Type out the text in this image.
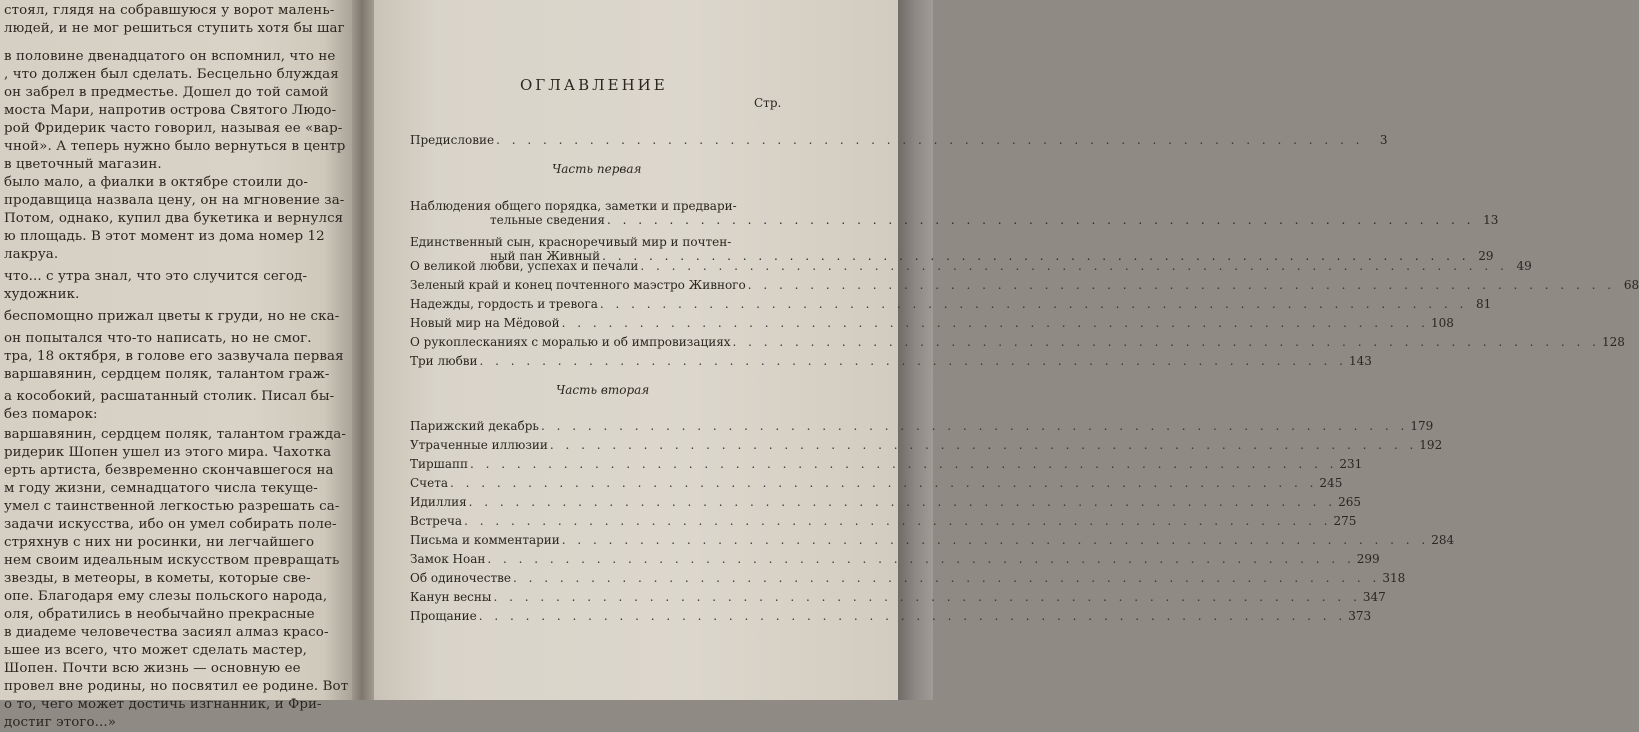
стоял, глядя на собравшуюся у ворот малень-
людей, и не мог решиться ступить хотя бы шаг
в половине двенадцатого он вспомнил, что не
, что должен был сделать. Бесцельно блуждая
он забрел в предместье. Дошел до той самой
моста Мари, напротив острова Святого Людо-
рой Фридерик часто говорил, называя ее «вар-
чной». А теперь нужно было вернуться в центр
в цветочный магазин.
было мало, а фиалки в октябре стоили до-
продавщица назвала цену, он на мгновение за-
Потом, однако, купил два букетика и вернулся
ю площадь. В этот момент из дома номер 12
лакруа.
что... с утра знал, что это случится сегод-
художник.
беспомощно прижал цветы к груди, но не ска-
он попытался что-то написать, но не смог.
тра, 18 октября, в голове его зазвучала первая
варшавянин, сердцем поляк, талантом граж-
а кособокий, расшатанный столик. Писал бы-
без помарок:
варшавянин, сердцем поляк, талантом гражда-
ридерик Шопен ушел из этого мира. Чахотка
ерть артиста, безвременно скончавшегося на
м году жизни, семнадцатого числа текуще-
умел с таинственной легкостью разрешать са-
задачи искусства, ибо он умел собирать поле-
стряхнув с них ни росинки, ни легчайшего
нем своим идеальным искусством превращать
звезды, в метеоры, в кометы, которые све-
опе. Благодаря ему слезы польского народа,
оля, обратились в необычайно прекрасные
в диадеме человечества засиял алмаз красо-
ьшее из всего, что может сделать мастер,
Шопен. Почти всю жизнь — основную ее
провел вне родины, но посвятил ее родине. Вот
о то, чего может достичь изгнанник, и Фри-
достиг этого...»
ОГЛАВЛЕНИЕ
Стр.
Предисловие . . .	3
Часть первая
Наблюдения общего порядка, заметки и предвари-
тельные сведения . . .	13
Единственный сын, красноречивый мир и почтен-
ный пан Живный . . .	29
О великой любви, успехах и печали . . .	49
Зеленый край и конец почтенного маэстро Живного . . .	68
Надежды, гордость и тревога . . .	81
Новый мир на Мёдовой . . .	108
О рукоплесканиях с моралью и об импровизациях . . .	128
Три любви . . .	143
Часть вторая
Парижский декабрь . . .	179
Утраченные иллюзии . . .	192
Тиршапп . . .	231
Счета . . .	245
Идиллия . . .	265
Встреча . . .	275
Письма и комментарии . . .	284
Замок Ноан . . .	299
Об одиночестве . . .	318
Канун весны . . .	347
Прощание . . .	373
